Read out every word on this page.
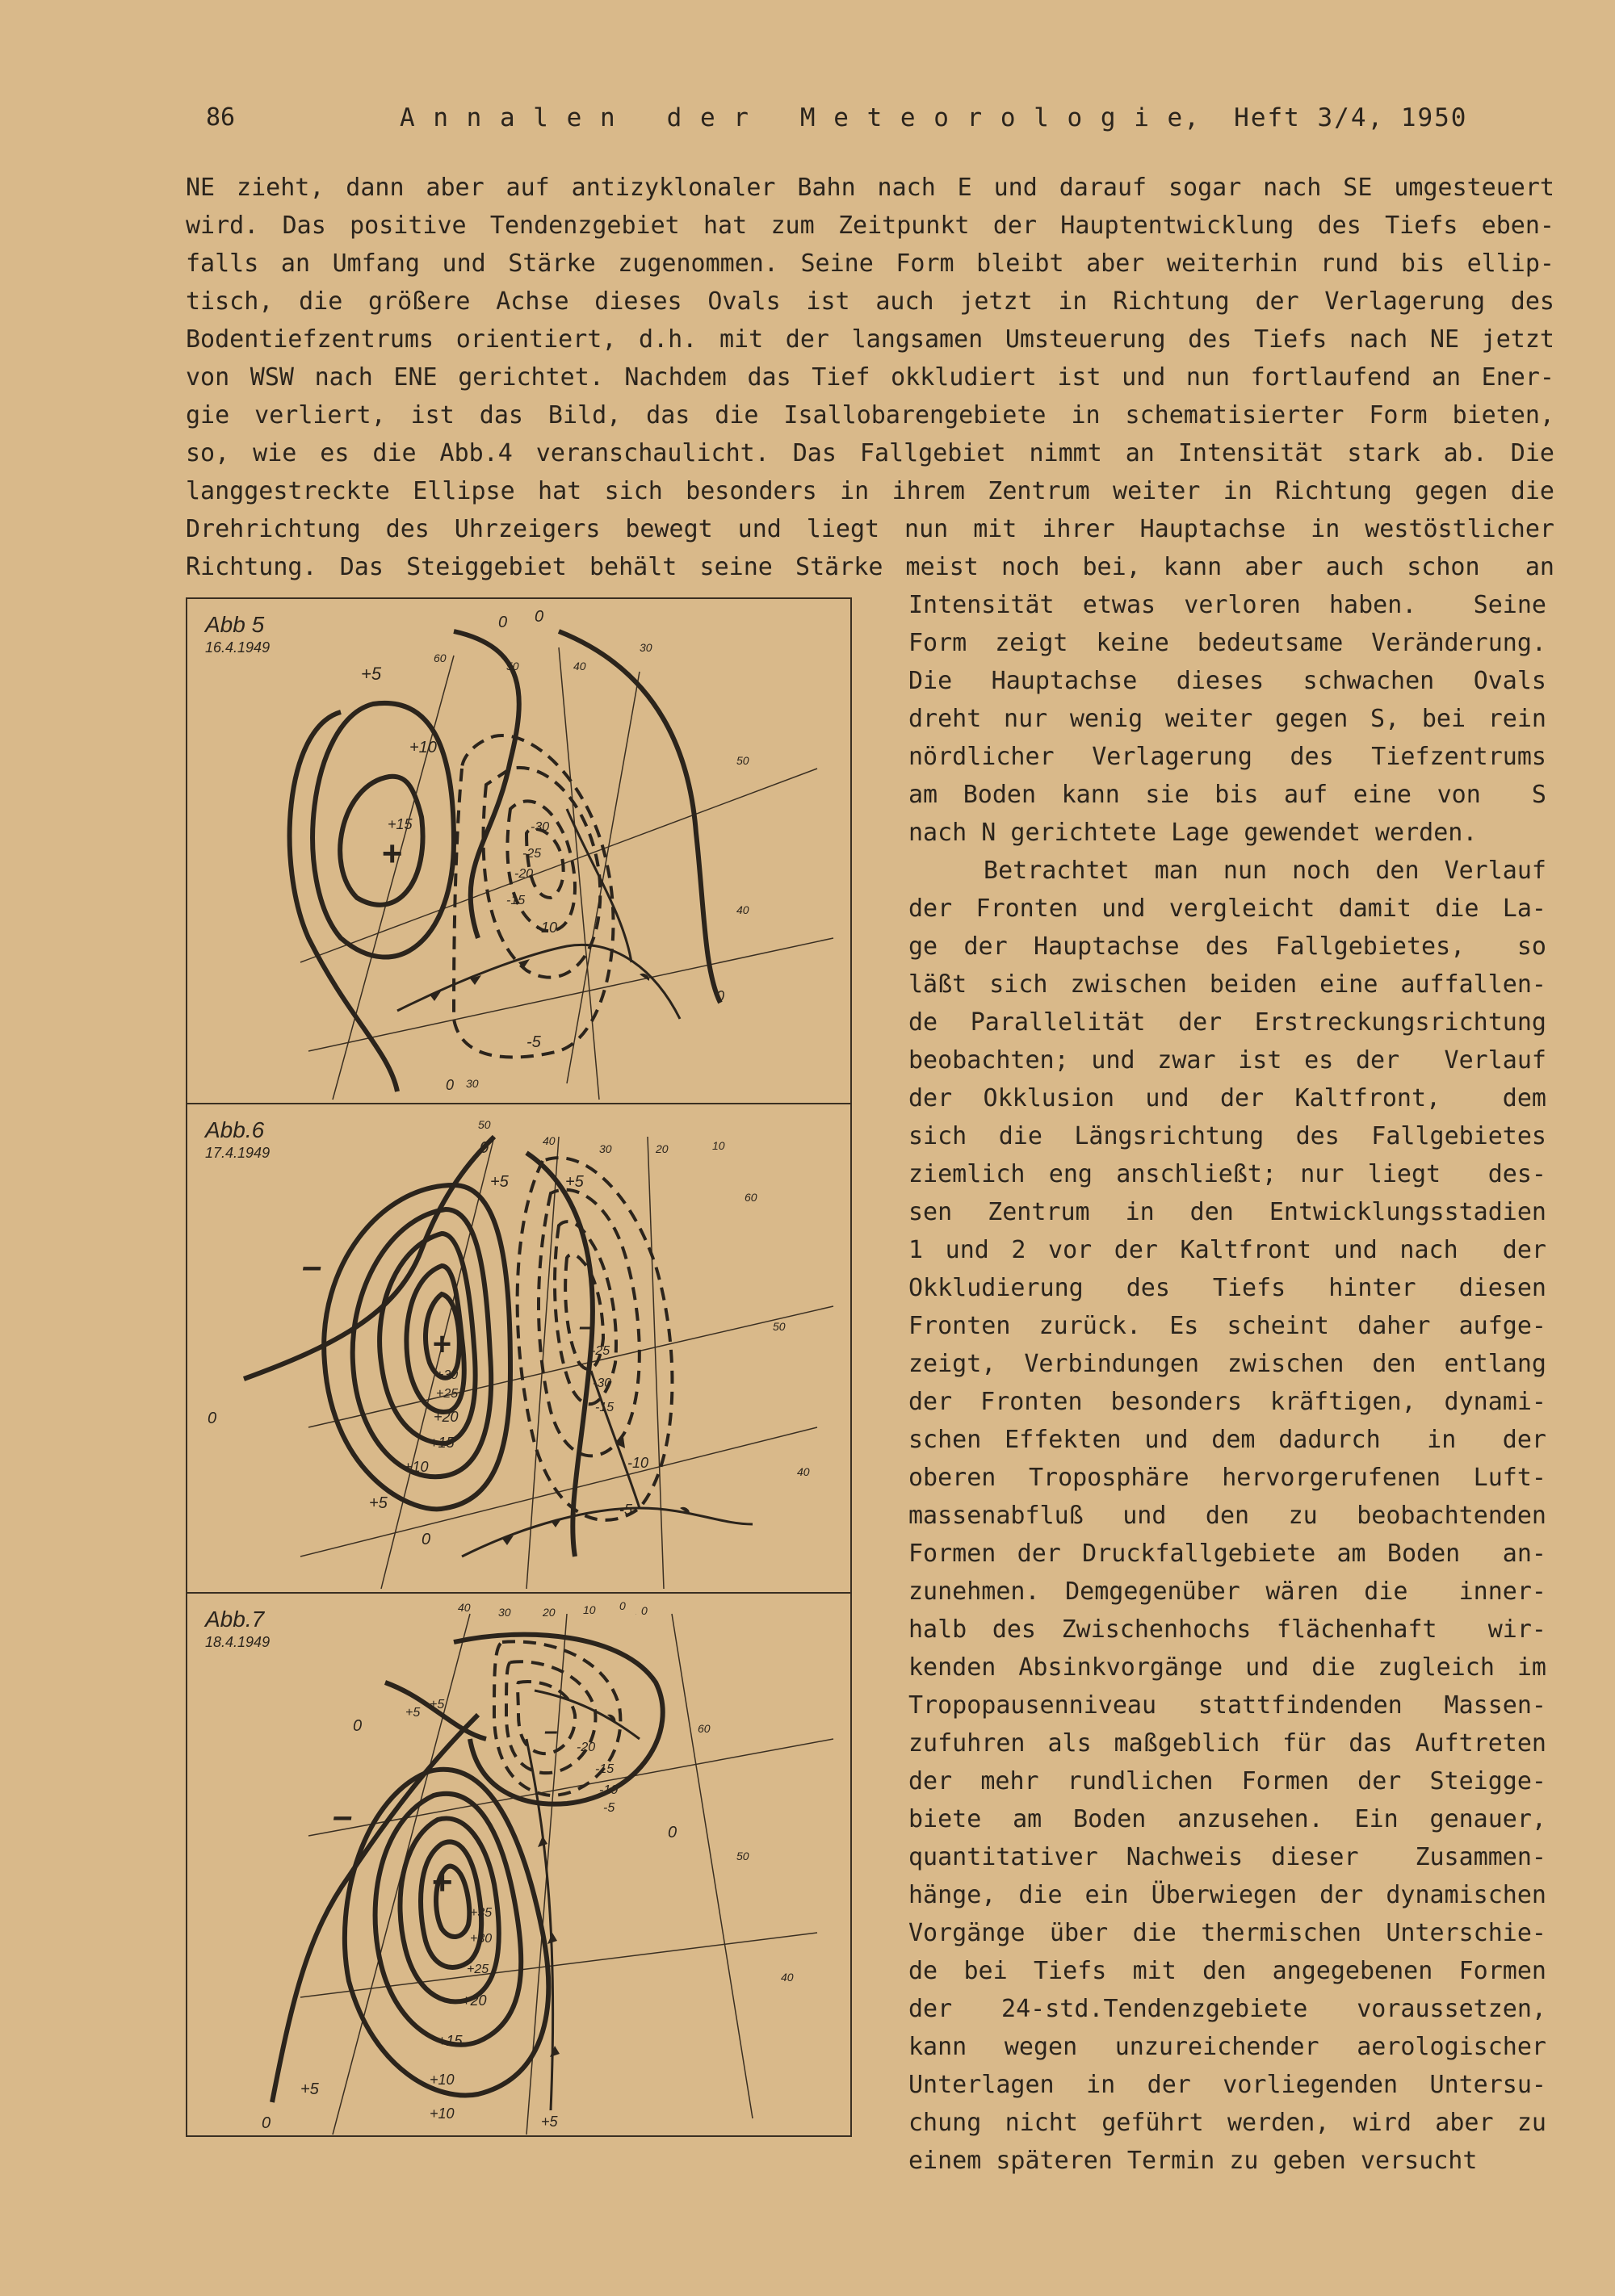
86	A n n a l e n   d e r   M e t e o r o l o g i e,  Heft 3/4, 1950
NE zieht, dann aber auf antizyklonaler Bahn nach E und darauf sogar nach SE umgesteuert
wird. Das positive Tendenzgebiet hat zum Zeitpunkt der Hauptentwicklung des Tiefs eben-
falls an Umfang und Stärke zugenommen. Seine Form bleibt aber weiterhin rund bis ellip-
tisch, die größere Achse dieses Ovals ist auch jetzt in Richtung der Verlagerung des
Bodentiefzentrums orientiert, d.h. mit der langsamen Umsteuerung des Tiefs nach NE jetzt
von WSW nach ENE gerichtet. Nachdem das Tief okkludiert ist und nun fortlaufend an Ener-
gie verliert, ist das Bild, das die Isallobarengebiete in schematisierter Form bieten,
so, wie es die Abb.4 veranschaulicht. Das Fallgebiet nimmt an Intensität stark ab. Die
langgestreckte Ellipse hat sich besonders in ihrem Zentrum weiter in Richtung gegen die
Drehrichtung des Uhrzeigers bewegt und liegt nun mit ihrer Hauptachse in westöstlicher
Richtung. Das Steiggebiet behält seine Stärke meist noch bei, kann aber auch schon  an
Intensität etwas verloren haben.  Seine
Form zeigt keine bedeutsame Veränderung.
Die Hauptachse dieses schwachen Ovals
dreht nur wenig weiter gegen S, bei rein
nördlicher Verlagerung des Tiefzentrums
am Boden kann sie bis auf eine von  S
nach N gerichtete Lage gewendet werden.
Betrachtet man nun noch den Verlauf
der Fronten und vergleicht damit die La-
ge der Hauptachse des Fallgebietes,  so
läßt sich zwischen beiden eine auffallen-
de Parallelität der Erstreckungsrichtung
beobachten; und zwar ist es der  Verlauf
der Okklusion und der Kaltfront,  dem
sich die Längsrichtung des Fallgebietes
ziemlich eng anschließt; nur liegt  des-
sen Zentrum in den Entwicklungsstadien
1 und 2 vor der Kaltfront und nach  der
Okkludierung des Tiefs hinter diesen
Fronten zurück. Es scheint daher aufge-
zeigt, Verbindungen zwischen den entlang
der Fronten besonders kräftigen, dynami-
schen Effekten und dem dadurch  in  der
oberen Troposphäre hervorgerufenen Luft-
massenabfluß und den zu beobachtenden
Formen der Druckfallgebiete am Boden  an-
zunehmen. Demgegenüber wären die  inner-
halb des Zwischenhochs flächenhaft  wir-
kenden Absinkvorgänge und die zugleich im
Tropopausenniveau stattfindenden Massen-
zufuhren als maßgeblich für das Auftreten
der mehr rundlichen Formen der Steigge-
biete am Boden anzusehen. Ein genauer,
quantitativer Nachweis dieser  Zusammen-
hänge, die ein Überwiegen der dynamischen
Vorgänge über die thermischen Unterschie-
de bei Tiefs mit den angegebenen Formen
der 24-std.Tendenzgebiete voraussetzen,
kann wegen unzureichender aerologischer
Unterlagen in der vorliegenden Untersu-
chung nicht geführt werden, wird aber zu
einem späteren Termin zu geben versucht
+
+5
+10
+15	-30
-25
-20
-15
-10
-5
0 0
0
0
60
50	40
30
50
40
30
Abb 5
16.4.1949
+
–
–
+5	+5
+10
+15
+20
+25
+30
+5
-25
-30
-15
-10
-5
0
0
0
50
40
30	20	10
60
50
40
Abb.6
17.4.1949
+
–
–
+5
+5
+10
+15
+20
+25
+30
+35
+5
+10	+5
-20
-15
-10
-5
0
0
0
0
40 30	20 10	0
10
60
50
40
Abb.7
18.4.1949
